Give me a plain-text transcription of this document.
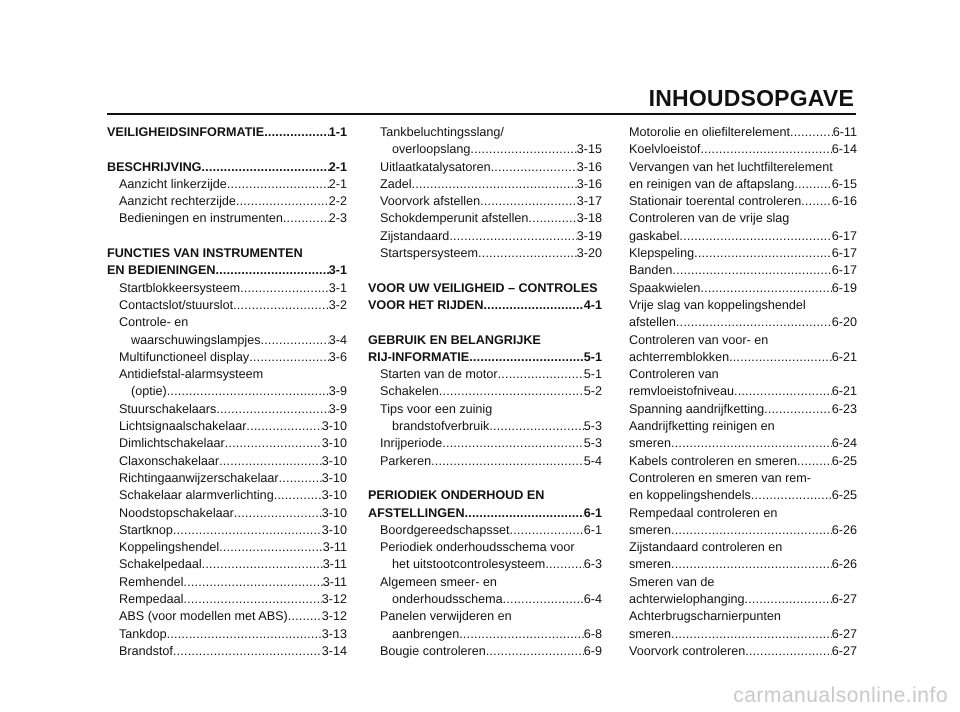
INHOUDSOPGAVE
VEILIGHEIDSINFORMATIE .....	1-1
BESCHRIJVING .....	2-1
Aanzicht linkerzijde .....	2-1
Aanzicht rechterzijde .....	2-2
Bedieningen en instrumenten .....	2-3
FUNCTIES VAN INSTRUMENTEN
EN BEDIENINGEN .....	3-1
Startblokkeersysteem .....	3-1
Contactslot/stuurslot .....	3-2
Controle- en
waarschuwingslampjes .....	3-4
Multifunctioneel display .....	3-6
Antidiefstal-alarmsysteem
(optie) .....	3-9
Stuurschakelaars .....	3-9
Lichtsignaalschakelaar .....	3-10
Dimlichtschakelaar .....	3-10
Claxonschakelaar .....	3-10
Richtingaanwijzerschakelaar .....	3-10
Schakelaar alarmverlichting .....	3-10
Noodstopschakelaar .....	3-10
Startknop .....	3-10
Koppelingshendel .....	3-11
Schakelpedaal .....	3-11
Remhendel .....	3-11
Rempedaal .....	3-12
ABS (voor modellen met ABS) .....	3-12
Tankdop .....	3-13
Brandstof .....	3-14
Tankbeluchtingsslang/
overloopslang .....	3-15
Uitlaatkatalysatoren .....	3-16
Zadel .....	3-16
Voorvork afstellen .....	3-17
Schokdemperunit afstellen .....	3-18
Zijstandaard .....	3-19
Startspersysteem .....	3-20
VOOR UW VEILIGHEID – CONTROLES
VOOR HET RIJDEN .....	4-1
GEBRUIK EN BELANGRIJKE
RIJ-INFORMATIE .....	5-1
Starten van de motor .....	5-1
Schakelen .....	5-2
Tips voor een zuinig
brandstofverbruik .....	5-3
Inrijperiode .....	5-3
Parkeren .....	5-4
PERIODIEK ONDERHOUD EN
AFSTELLINGEN .....	6-1
Boordgereedschapsset .....	6-1
Periodiek onderhoudsschema voor
het uitstootcontrolesysteem .....	6-3
Algemeen smeer- en
onderhoudsschema .....	6-4
Panelen verwijderen en
aanbrengen .....	6-8
Bougie controleren .....	6-9
Motorolie en oliefilterelement .....	6-11
Koelvloeistof .....	6-14
Vervangen van het luchtfilterelement
en reinigen van de aftapslang .....	6-15
Stationair toerental controleren ..... 6-16
Controleren van de vrije slag
gaskabel .....	6-17
Klepspeling .....	6-17
Banden .....	6-17
Spaakwielen .....	6-19
Vrije slag van koppelingshendel
afstellen .....	6-20
Controleren van voor- en
achterremblokken .....	6-21
Controleren van
remvloeistofniveau .....	6-21
Spanning aandrijfketting .....	6-23
Aandrijfketting reinigen en
smeren .....	6-24
Kabels controleren en smeren .....	6-25
Controleren en smeren van rem-
en koppelingshendels .....	6-25
Rempedaal controleren en
smeren .....	6-26
Zijstandaard controleren en
smeren .....	6-26
Smeren van de
achterwielophanging .....	6-27
Achterbrugscharnierpunten
smeren .....	6-27
Voorvork controleren .....	6-27
carmanualsonline.info
